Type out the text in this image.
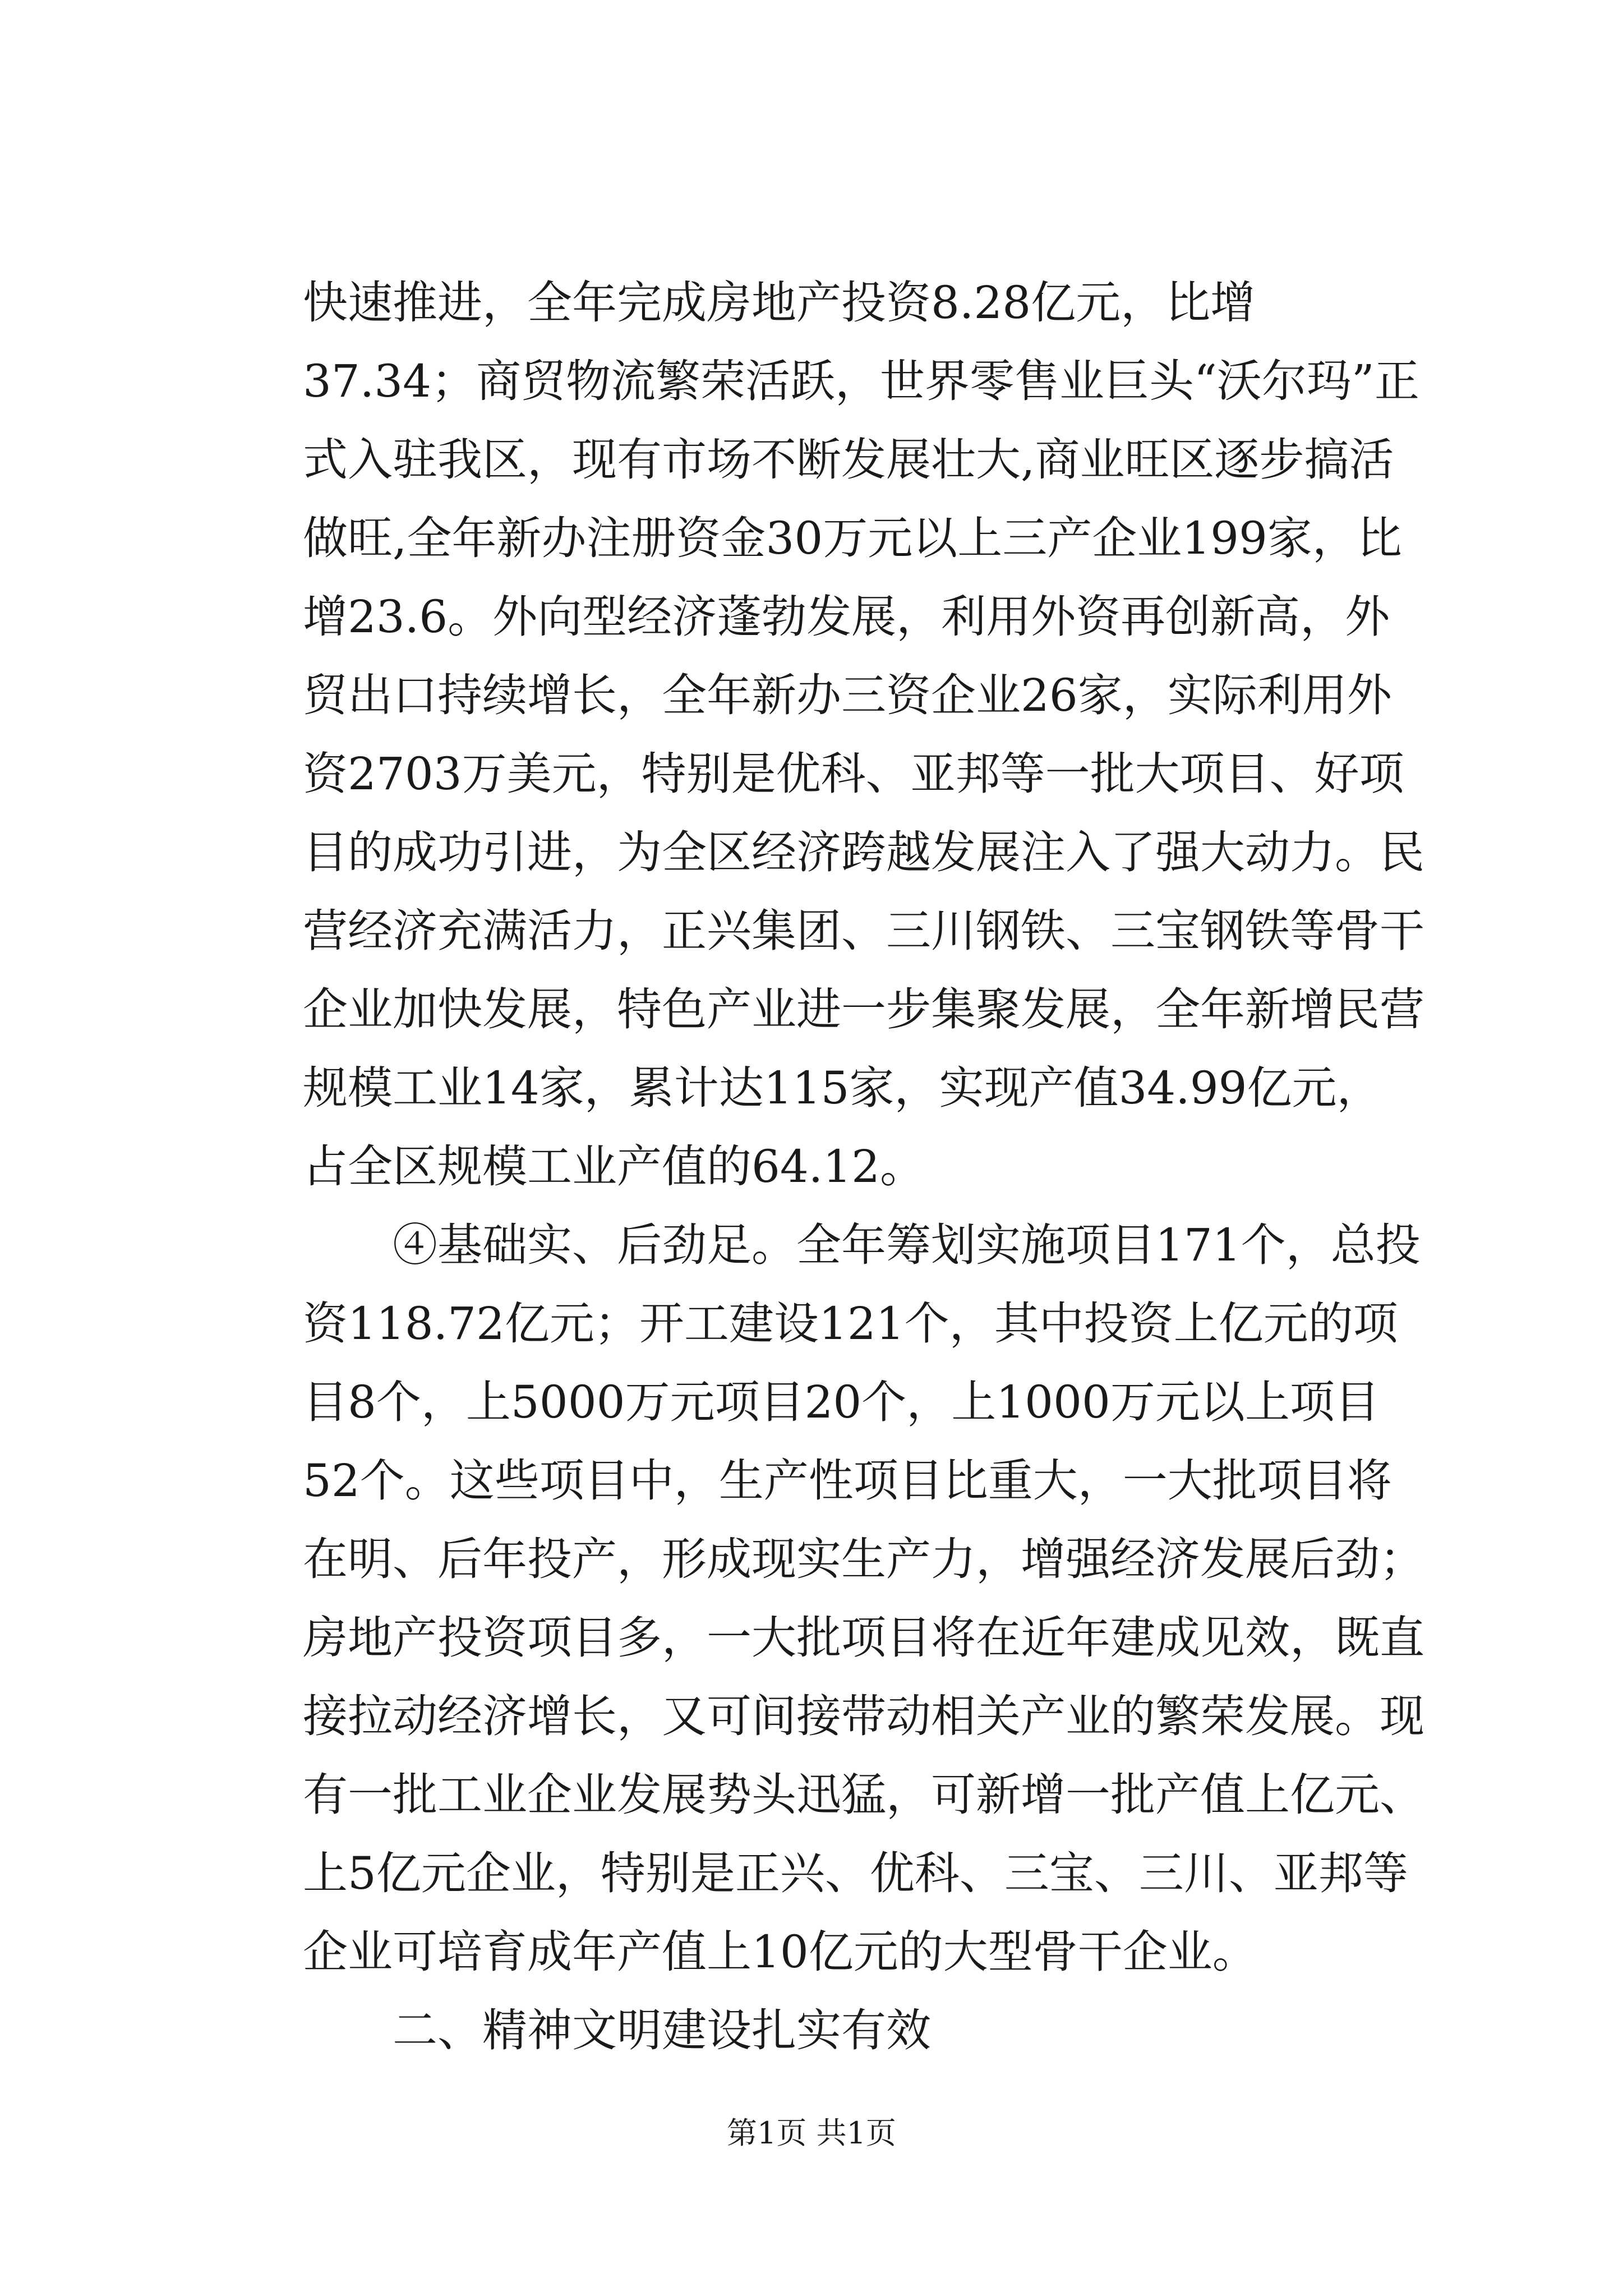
快速推进，全年完成房地产投资8.28亿元，比增37.34；商贸物流繁荣活跃，世界零售业巨头“沃尔玛”正式入驻我区，现有市场不断发展壮大,商业旺区逐步搞活做旺,全年新办注册资金30万元以上三产企业199家，比增23.6。外向型经济蓬勃发展，利用外资再创新高，外贸出口持续增长，全年新办三资企业26家，实际利用外资2703万美元，特别是优科、亚邦等一批大项目、好项目的成功引进，为全区经济跨越发展注入了强大动力。民营经济充满活力，正兴集团、三川钢铁、三宝钢铁等骨干企业加快发展，特色产业进一步集聚发展，全年新增民营规模工业14家，累计达115家，实现产值34.99亿元，占全区规模工业产值的64.12。

④基础实、后劲足。全年筹划实施项目171个，总投资118.72亿元；开工建设121个，其中投资上亿元的项目8个，上5000万元项目20个，上1000万元以上项目52个。这些项目中，生产性项目比重大，一大批项目将在明、后年投产，形成现实生产力，增强经济发展后劲；房地产投资项目多，一大批项目将在近年建成见效，既直接拉动经济增长，又可间接带动相关产业的繁荣发展。现有一批工业企业发展势头迅猛，可新增一批产值上亿元、上5亿元企业，特别是正兴、优科、三宝、三川、亚邦等企业可培育成年产值上10亿元的大型骨干企业。

二、精神文明建设扎实有效

第1页 共1页
